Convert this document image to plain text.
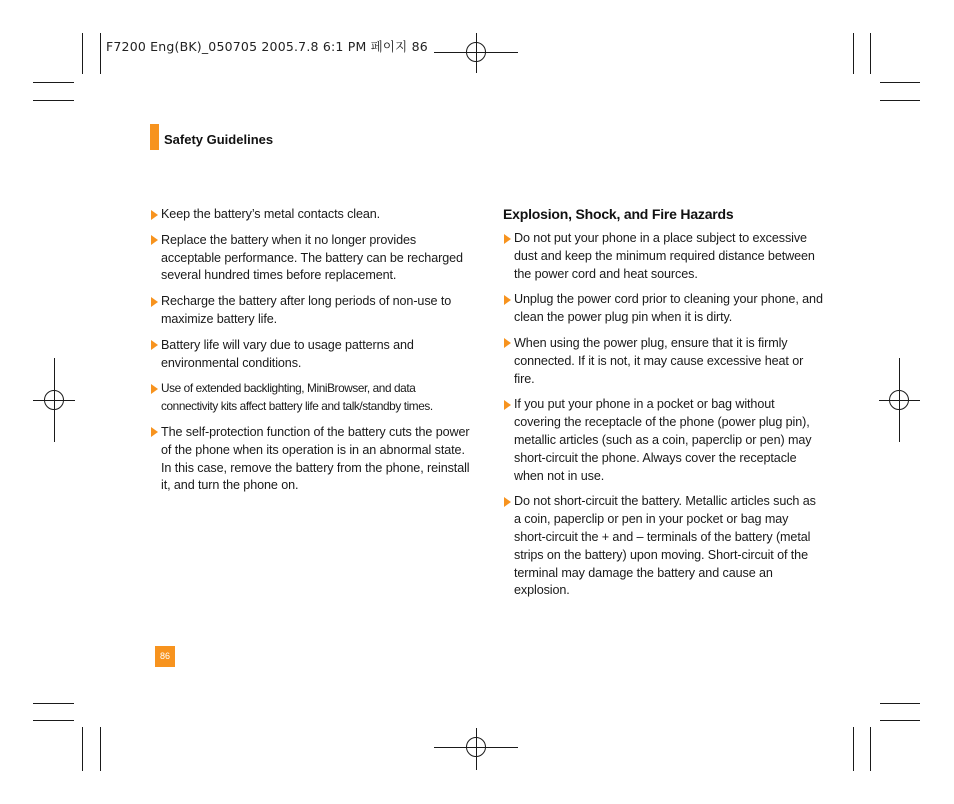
F7200 Eng(BK)_050705 2005.7.8 6:1 PM 페이지 86
Safety Guidelines
Keep the battery’s metal contacts clean.
Replace the battery when it no longer provides acceptable performance. The battery can be recharged several hundred times before replacement.
Recharge the battery after long periods of non-use to maximize battery life.
Battery life will vary due to usage patterns and environmental conditions.
Use of extended backlighting, MiniBrowser, and data connectivity kits affect battery life and talk/standby times.
The self-protection function of the battery cuts the power of the phone when its operation is in an abnormal state. In this case, remove the battery from the phone, reinstall it, and turn the phone on.
Explosion, Shock, and Fire Hazards
Do not put your phone in a place subject to excessive dust and keep the minimum required distance between the power cord and heat sources.
Unplug the power cord prior to cleaning your phone, and clean the power plug pin when it is dirty.
When using the power plug, ensure that it is firmly connected. If it is not, it may cause excessive heat or fire.
If you put your phone in a pocket or bag without covering the receptacle of the phone (power plug pin), metallic articles (such as a coin, paperclip or pen) may short-circuit the phone. Always cover the receptacle when not in use.
Do not short-circuit the battery. Metallic articles such as a coin, paperclip or pen in your pocket or bag may short-circuit the + and – terminals of the battery (metal strips on the battery) upon moving. Short-circuit of the terminal may damage the battery and cause an explosion.
86
